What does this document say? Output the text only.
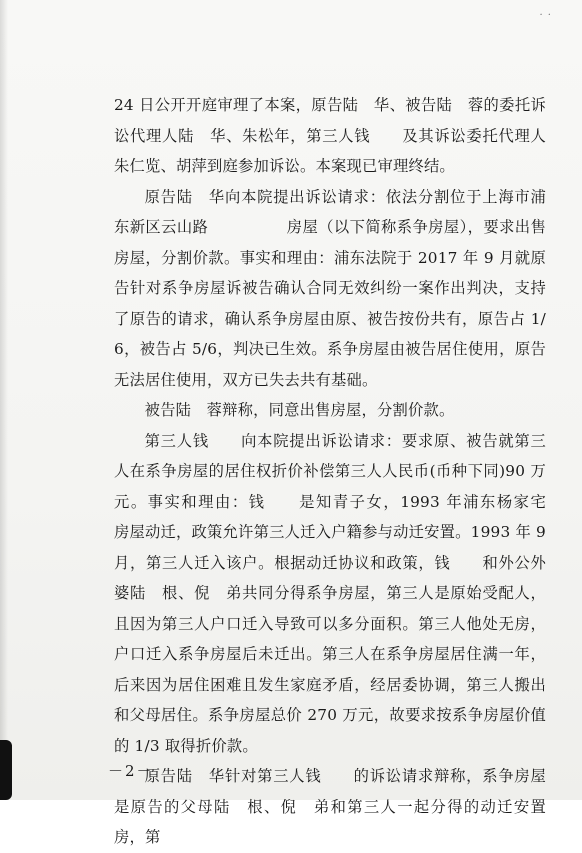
· ·

24 日公开开庭审理了本案，原告陆　华、被告陆　蓉的委托诉讼代理人陆　华、朱松年，第三人钱　　及其诉讼委托代理人朱仁览、胡萍到庭参加诉讼。本案现已审理终结。

原告陆　华向本院提出诉讼请求：依法分割位于上海市浦东新区云山路　　　　　房屋（以下简称系争房屋），要求出售房屋，分割价款。事实和理由：浦东法院于 2017 年 9 月就原告针对系争房屋诉被告确认合同无效纠纷一案作出判决，支持了原告的请求，确认系争房屋由原、被告按份共有，原告占 1/6，被告占 5/6，判决已生效。系争房屋由被告居住使用，原告无法居住使用，双方已失去共有基础。

被告陆　蓉辩称，同意出售房屋，分割价款。

第三人钱　　向本院提出诉讼请求：要求原、被告就第三人在系争房屋的居住权折价补偿第三人人民币(币种下同)90 万元。事实和理由：钱　　是知青子女，1993 年浦东杨家宅　　房屋动迁，政策允许第三人迁入户籍参与动迁安置。1993 年 9 月，第三人迁入该户。根据动迁协议和政策，钱　　和外公外婆陆　根、倪　弟共同分得系争房屋，第三人是原始受配人，且因为第三人户口迁入导致可以多分面积。第三人他处无房，户口迁入系争房屋后未迁出。第三人在系争房屋居住满一年，后来因为居住困难且发生家庭矛盾，经居委协调，第三人搬出和父母居住。系争房屋总价 270 万元，故要求按系争房屋价值的 1/3 取得折价款。

原告陆　华针对第三人钱　　的诉讼请求辩称，系争房屋是原告的父母陆　根、倪　弟和第三人一起分得的动迁安置房，第

－2－
